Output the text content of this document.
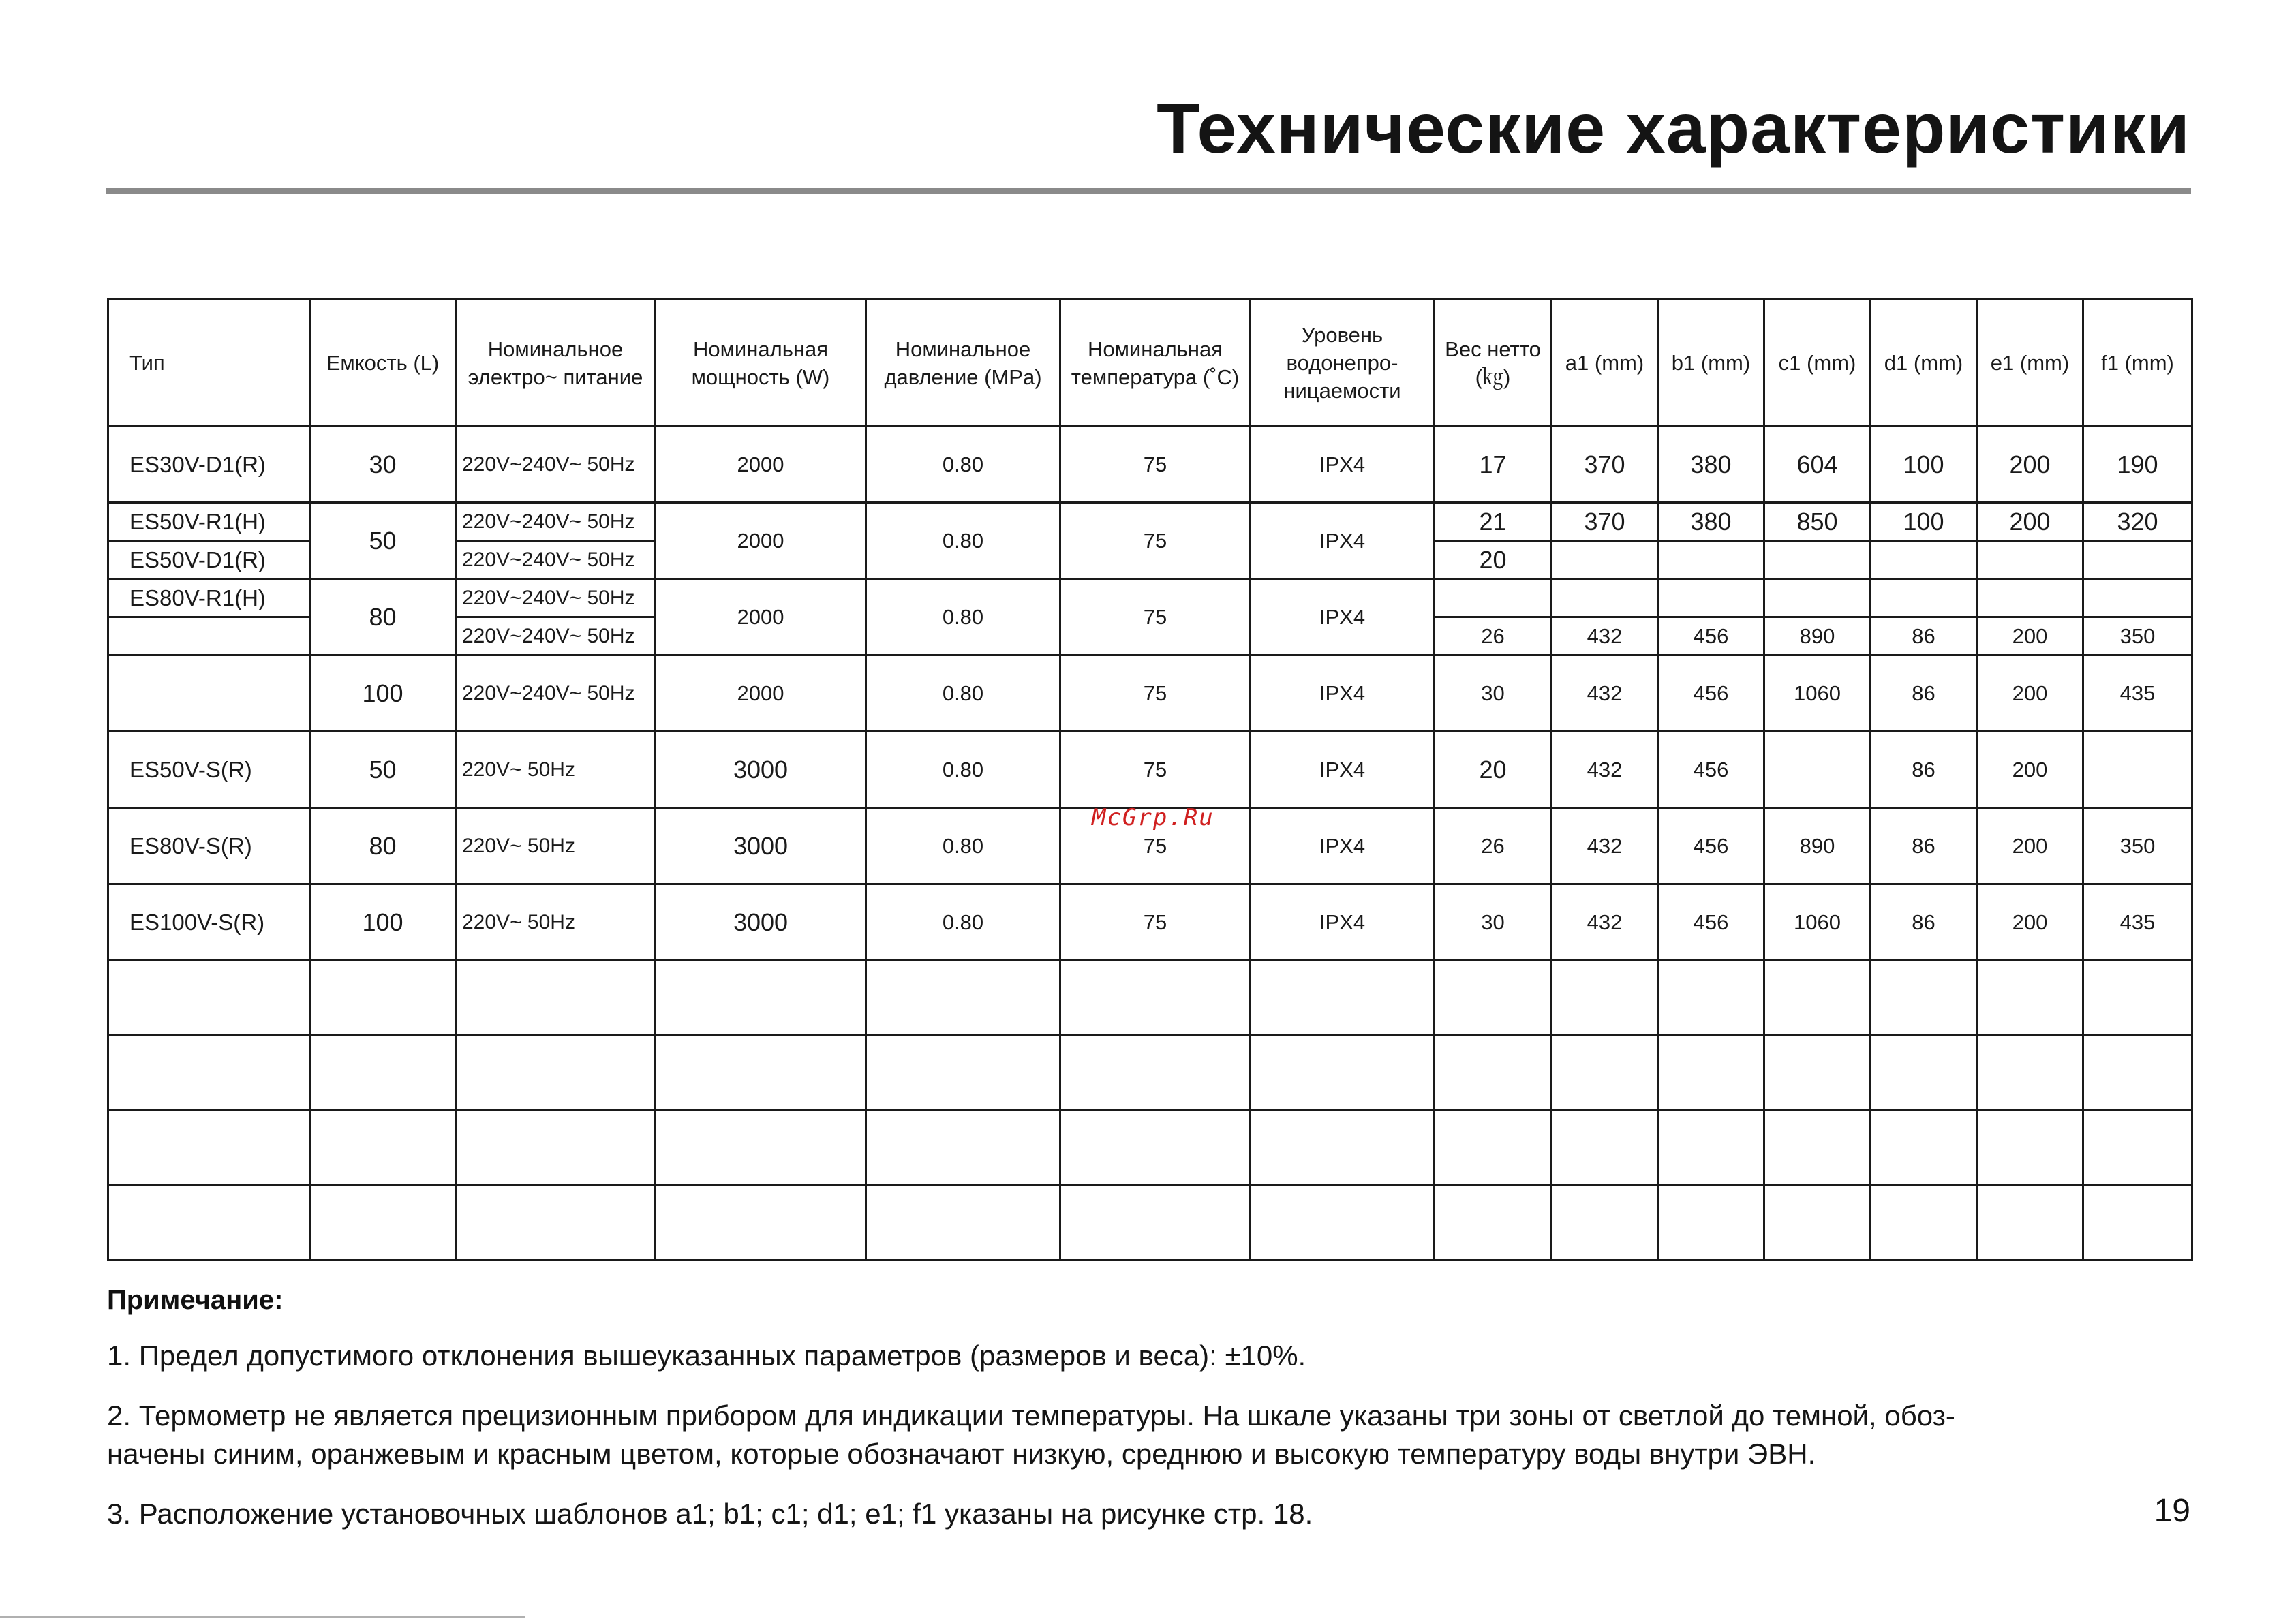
Технические характеристики
Тип	Емкость (L)	Номинальное электро~ питание	Номинальная мощность (W)	Номинальное давление (MPa)	Номинальная температура (˚C)	Уровень водонепро-ницаемости	Вес нетто (㎏)	a1 (mm)	b1 (mm)	c1 (mm)	d1 (mm)	e1 (mm)	f1 (mm)
ES30V-D1(R)	30	220V~240V~ 50Hz	2000	0.80	75	IPX4	17	370	380	604	100	200	190
ES50V-R1(H)	50	220V~240V~ 50Hz	2000	0.80	75	IPX4	21	370	380	850	100	200	320
ES50V-D1(R)		220V~240V~ 50Hz					20						
ES80V-R1(H)	80	220V~240V~ 50Hz	2000	0.80	75	IPX4							
		220V~240V~ 50Hz					26	432	456	890	86	200	350
	100	220V~240V~ 50Hz	2000	0.80	75	IPX4	30	432	456	1060	86	200	435
ES50V-S(R)	50	220V~ 50Hz	3000	0.80	75	IPX4	20	432	456		86	200	
ES80V-S(R)	80	220V~ 50Hz	3000	0.80	75	IPX4	26	432	456	890	86	200	350
ES100V-S(R)	100	220V~ 50Hz	3000	0.80	75	IPX4	30	432	456	1060	86	200	435

McGrp.Ru
Примечание:
1. Предел допустимого отклонения вышеуказанных параметров (размеров и веса): ±10%.
2. Термометр не является прецизионным прибором для индикации температуры. На шкале указаны три зоны от светлой до темной, обоз-
начены синим, оранжевым и красным цветом, которые обозначают низкую, среднюю и высокую температуру воды внутри ЭВН.
3. Расположение установочных шаблонов a1; b1; c1; d1; e1; f1 указаны на рисунке стр. 18.	19
